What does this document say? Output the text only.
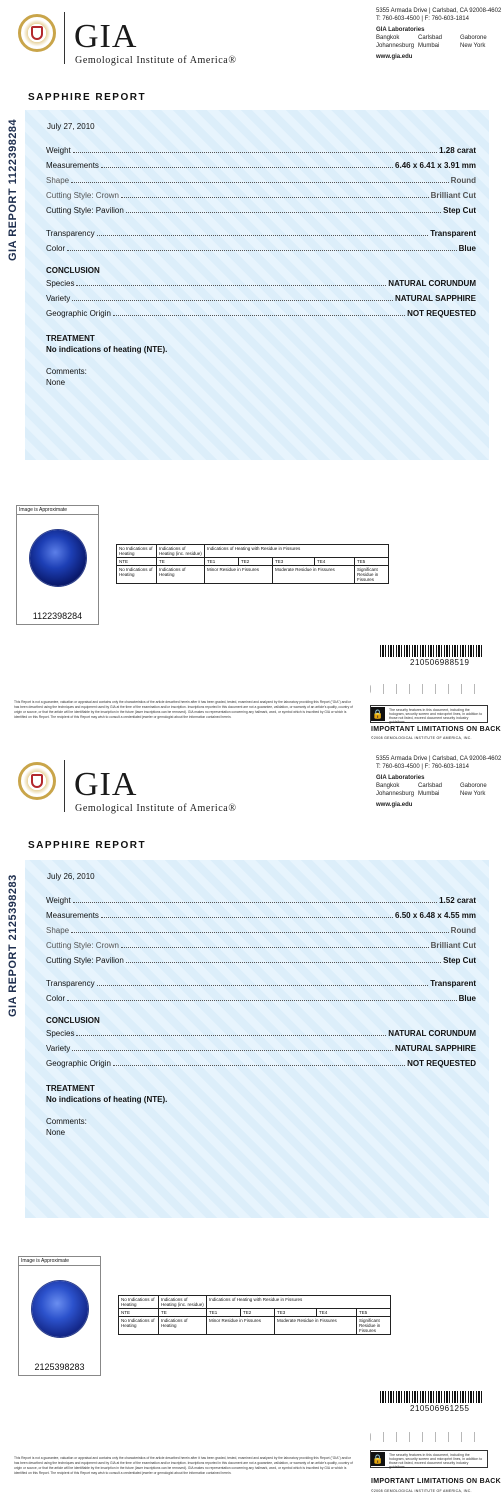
GIA
Gemological Institute of America®
5355 Armada Drive | Carlsbad, CA 92008-4602
T: 760-603-4500 | F: 760-603-1814
GIA Laboratories
Bangkok	Carlsbad	Gaborone
Johannesburg Mumbai	New York
www.gia.edu
SAPPHIRE REPORT
GIA REPORT 1122398284	July 27, 2010
Weight	1.28 carat
Measurements	6.46 x 6.41 x 3.91 mm
Shape	Round
Cutting Style: Crown	Brilliant Cut
Cutting Style: Pavilion	Step Cut
Transparency	Transparent
Color	Blue
CONCLUSION
Species	NATURAL CORUNDUM
Variety	NATURAL SAPPHIRE
Geographic Origin	NOT REQUESTED
TREATMENT
No indications of heating (NTE).
Comments:
None
Image is Approximate
1122398284
No Indications of Heating	Indications of Heating (inc. residue)	Indications of Heating with Residue in Fissures				
NTE	TE	TE1	TE2	TE3	TE4	TE5
No Indications of Heating	Indications of Heating	Minor Residue in Fissures		Moderate Residue in Fissures		Significant Residue in Fissures
210506988519
🔒	The security features in this document, including the hologram, security screen and microprint lines, in addition to those not listed, exceed document security industry guidelines.
IMPORTANT LIMITATIONS ON BACK
©2008 GEMOLOGICAL INSTITUTE OF AMERICA, INC.
This Report is not a guarantee, valuation or appraisal and contains only the characteristics of the article described herein after it has been graded, tested, examined and analyzed by the laboratory providing this Report ("GIA") and/or has been described using the techniques and equipment used by GIA at the time of the examination and/or inscription. Inscriptions reported in this document are not a guarantee, validation, or warranty of an article's quality, country of origin or source, or that the article will be identifiable by the inscription in the future (laser inscriptions can be removed). GIA makes no representation concerning any hallmark, word, or symbol which is inscribed by GIA or which is identified on this Report. The recipient of this Report may wish to consult a credentialed jeweler or gemologist about the information contained herein.
GIA
Gemological Institute of America®
5355 Armada Drive | Carlsbad, CA 92008-4602
T: 760-603-4500 | F: 760-603-1814
GIA Laboratories
Bangkok	Carlsbad	Gaborone
Johannesburg Mumbai	New York
www.gia.edu
SAPPHIRE REPORT
GIA REPORT 2125398283	July 26, 2010
Weight	1.52 carat
Measurements	6.50 x 6.48 x 4.55 mm
Shape	Round
Cutting Style: Crown	Brilliant Cut
Cutting Style: Pavilion	Step Cut
Transparency	Transparent
Color	Blue
CONCLUSION
Species	NATURAL CORUNDUM
Variety	NATURAL SAPPHIRE
Geographic Origin	NOT REQUESTED
TREATMENT
No indications of heating (NTE).
Comments:
None
Image is Approximate
2125398283
No Indications of Heating	Indications of Heating (inc. residue)	Indications of Heating with Residue in Fissures				
NTE	TE	TE1	TE2	TE3	TE4	TE5
No Indications of Heating	Indications of Heating	Minor Residue in Fissures		Moderate Residue in Fissures		Significant Residue in Fissures
210506961255
🔒	The security features in this document, including the hologram, security screen and microprint lines, in addition to those not listed, exceed document security industry guidelines.
IMPORTANT LIMITATIONS ON BACK
©2008 GEMOLOGICAL INSTITUTE OF AMERICA, INC.
This Report is not a guarantee, valuation or appraisal and contains only the characteristics of the article described herein after it has been graded, tested, examined and analyzed by the laboratory providing this Report ("GIA") and/or has been described using the techniques and equipment used by GIA at the time of the examination and/or inscription. Inscriptions reported in this document are not a guarantee, validation, or warranty of an article's quality, country of origin or source, or that the article will be identifiable by the inscription in the future (laser inscriptions can be removed). GIA makes no representation concerning any hallmark, word, or symbol which is inscribed by GIA or which is identified on this Report. The recipient of this Report may wish to consult a credentialed jeweler or gemologist about the information contained herein.
